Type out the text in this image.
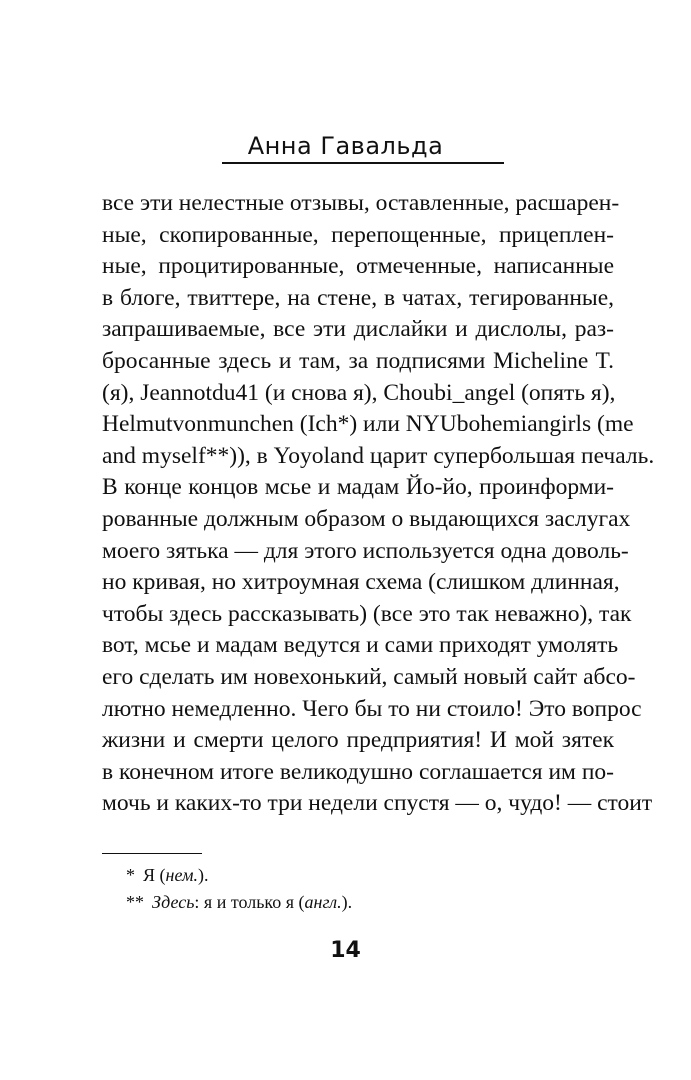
Анна Гавальда
все эти нелестные отзывы, оставленные, расшарен-
ные, скопированные, перепощенные, прицеплен-
ные, процитированные, отмеченные, написанные
в блоге, твиттере, на стене, в чатах, тегированные,
запрашиваемые, все эти дислайки и дислолы, раз-
бросанные здесь и там, за подписями Micheline T.
(я), Jeannotdu41 (и снова я), Choubi_angel (опять я),
Helmutvonmunchen (Ich*) или NYUbohemiangirls (me
and myself**)), в Yoyoland царит супербольшая печаль.
В конце концов мсье и мадам Йо-йо, проинформи-
рованные должным образом о выдающихся заслугах
моего зятька — для этого используется одна доволь-
но кривая, но хитроумная схема (слишком длинная,
чтобы здесь рассказывать) (все это так неважно), так
вот, мсье и мадам ведутся и сами приходят умолять
его сделать им новехонький, самый новый сайт абсо-
лютно немедленно. Чего бы то ни стоило! Это вопрос
жизни и смерти целого предприятия! И мой зятек
в конечном итоге великодушно соглашается им по-
мочь и каких-то три недели спустя — о, чудо! — стоит
* Я (нем.).
** Здесь: я и только я (англ.).
14
